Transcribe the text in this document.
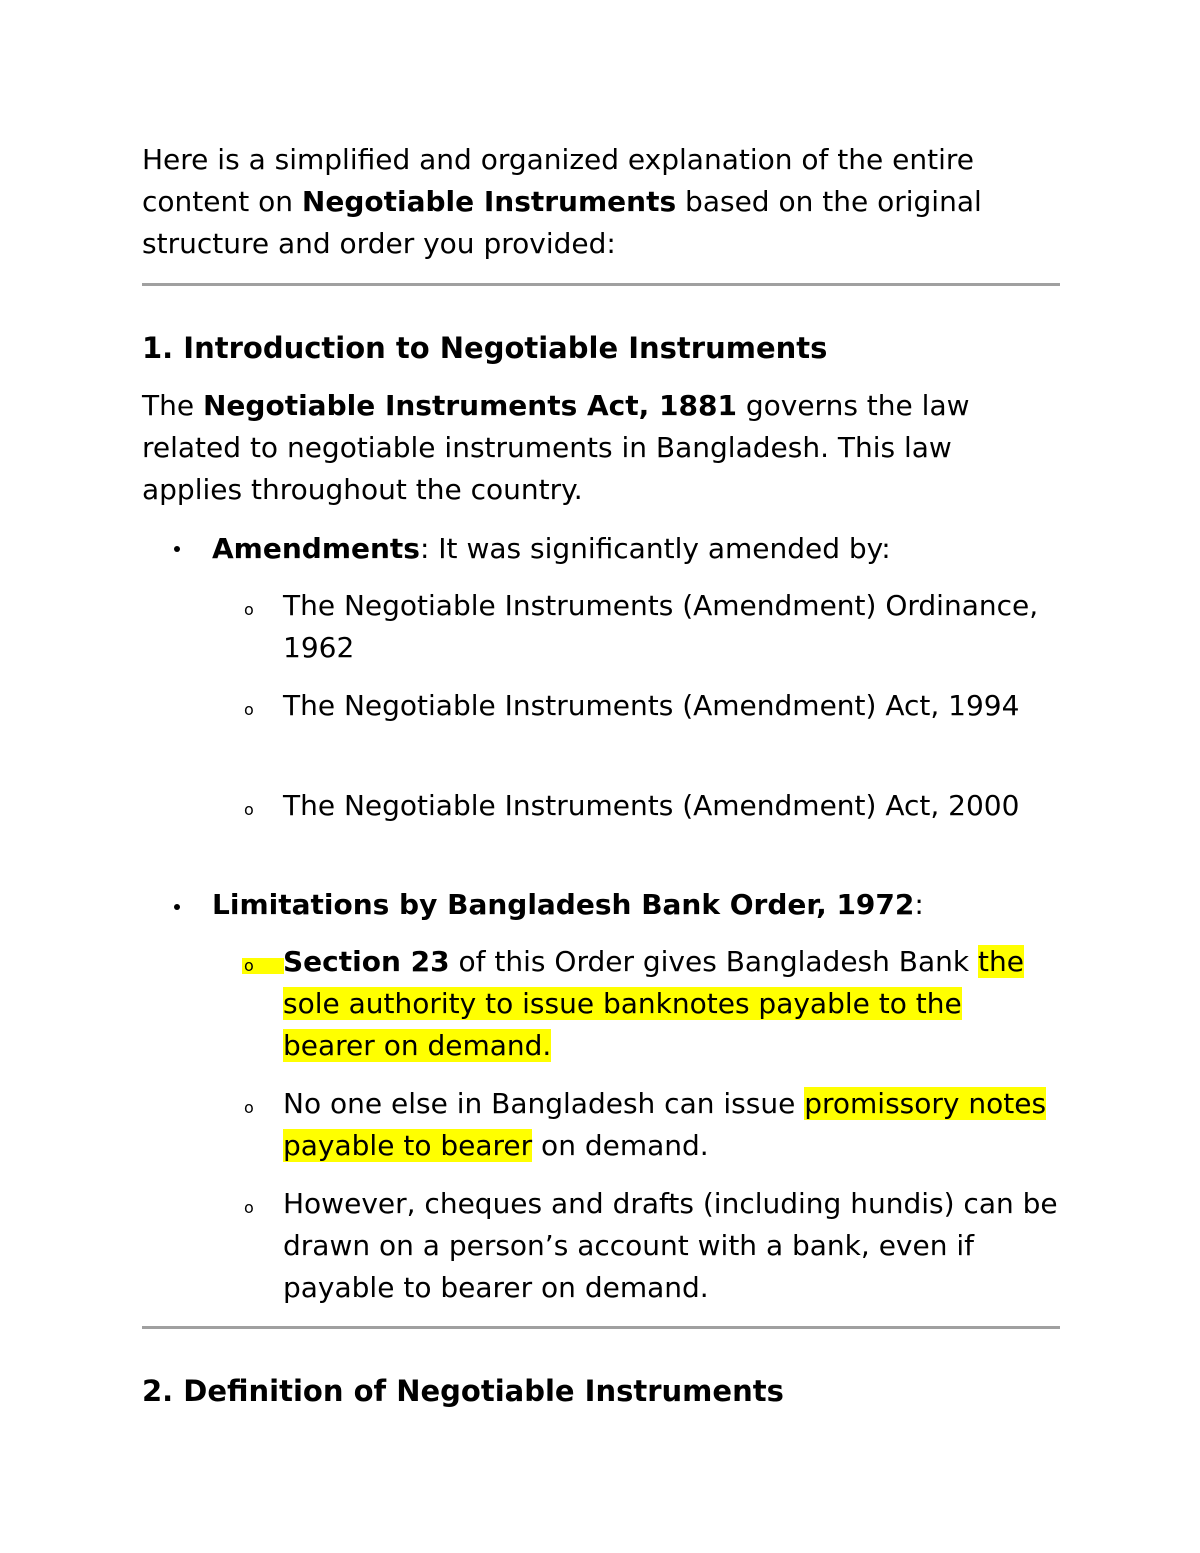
Here is a simplified and organized explanation of the entire content on Negotiable Instruments based on the original structure and order you provided:

1. Introduction to Negotiable Instruments

The Negotiable Instruments Act, 1881 governs the law related to negotiable instruments in Bangladesh. This law applies throughout the country.

Amendments: It was significantly amended by:
o The Negotiable Instruments (Amendment) Ordinance, 1962
o The Negotiable Instruments (Amendment) Act, 1994
o The Negotiable Instruments (Amendment) Act, 2000
Limitations by Bangladesh Bank Order, 1972:
o	Section 23 of this Order gives Bangladesh Bank the sole authority to issue banknotes payable to the bearer on demand.
o No one else in Bangladesh can issue promissory notes payable to bearer on demand.
o However, cheques and drafts (including hundis) can be drawn on a person’s account with a bank, even if payable to bearer on demand.
2. Definition of Negotiable Instruments
